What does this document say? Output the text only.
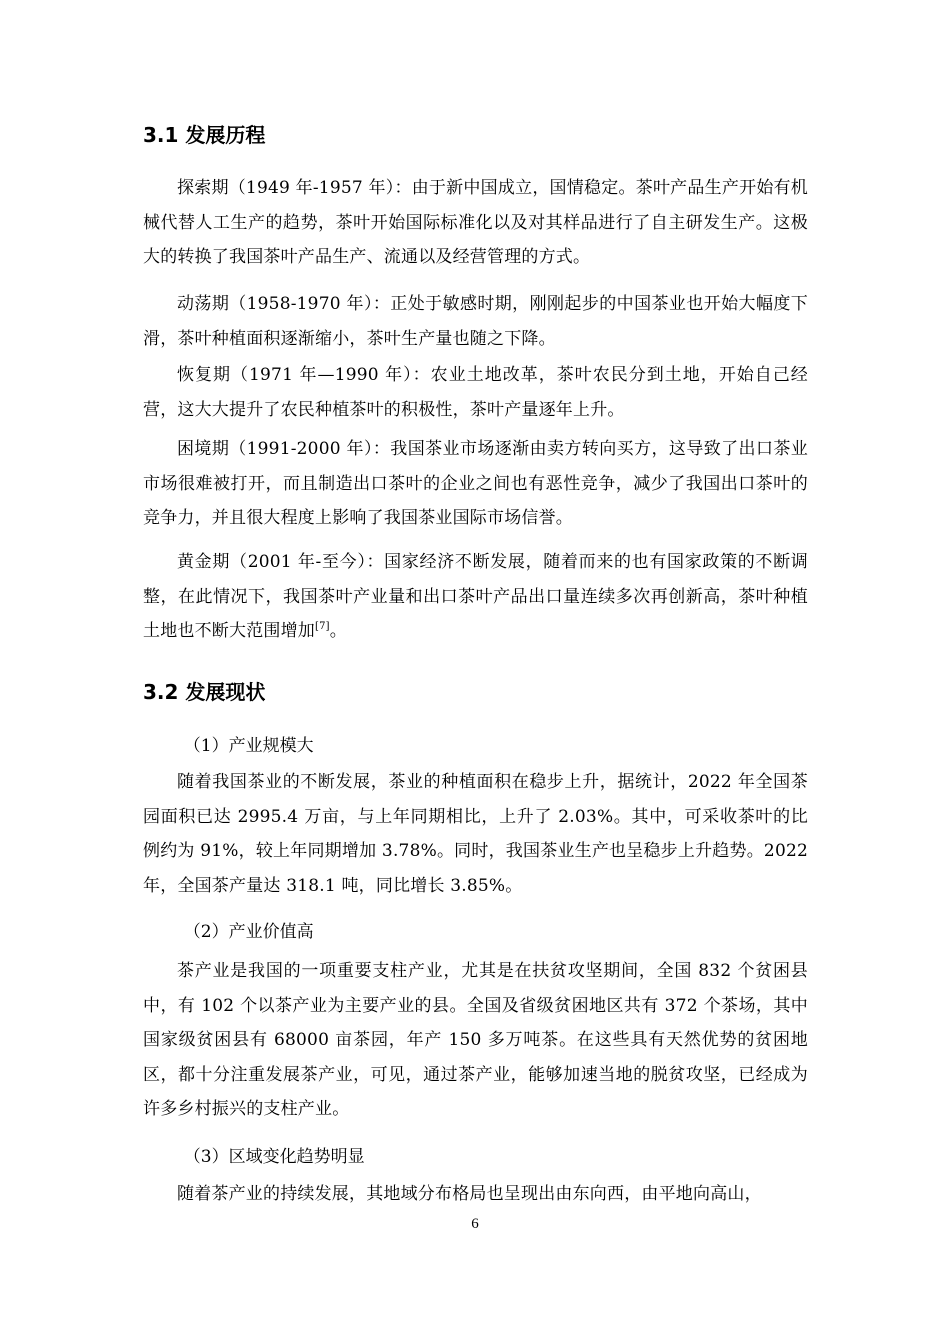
3.1 发展历程

探索期（1949 年-1957 年）：由于新中国成立，国情稳定。茶叶产品生产开始有机械代替人工生产的趋势，茶叶开始国际标准化以及对其样品进行了自主研发生产。这极大的转换了我国茶叶产品生产、流通以及经营管理的方式。

动荡期（1958-1970 年）：正处于敏感时期，刚刚起步的中国茶业也开始大幅度下滑，茶叶种植面积逐渐缩小，茶叶生产量也随之下降。

恢复期（1971 年—1990 年）：农业土地改革，茶叶农民分到土地，开始自己经营，这大大提升了农民种植茶叶的积极性，茶叶产量逐年上升。

困境期（1991-2000 年）：我国茶业市场逐渐由卖方转向买方，这导致了出口茶业市场很难被打开，而且制造出口茶叶的企业之间也有恶性竞争，减少了我国出口茶叶的竞争力，并且很大程度上影响了我国茶业国际市场信誉。

黄金期（2001 年-至今）：国家经济不断发展，随着而来的也有国家政策的不断调整，在此情况下，我国茶叶产业量和出口茶叶产品出口量连续多次再创新高，茶叶种植土地也不断大范围增加[7]。

3.2 发展现状
（1）产业规模大

随着我国茶业的不断发展，茶业的种植面积在稳步上升，据统计，2022 年全国茶园面积已达 2995.4 万亩，与上年同期相比，上升了 2.03%。其中，可采收茶叶的比例约为 91%，较上年同期增加 3.78%。同时，我国茶业生产也呈稳步上升趋势。2022 年，全国茶产量达 318.1 吨，同比增长 3.85%。

（2）产业价值高

茶产业是我国的一项重要支柱产业，尤其是在扶贫攻坚期间，全国 832 个贫困县中，有 102 个以茶产业为主要产业的县。全国及省级贫困地区共有 372 个茶场，其中国家级贫困县有 68000 亩茶园，年产 150 多万吨茶。在这些具有天然优势的贫困地区，都十分注重发展茶产业，可见，通过茶产业，能够加速当地的脱贫攻坚，已经成为许多乡村振兴的支柱产业。

（3）区域变化趋势明显

随着茶产业的持续发展，其地域分布格局也呈现出由东向西，由平地向高山，

6
